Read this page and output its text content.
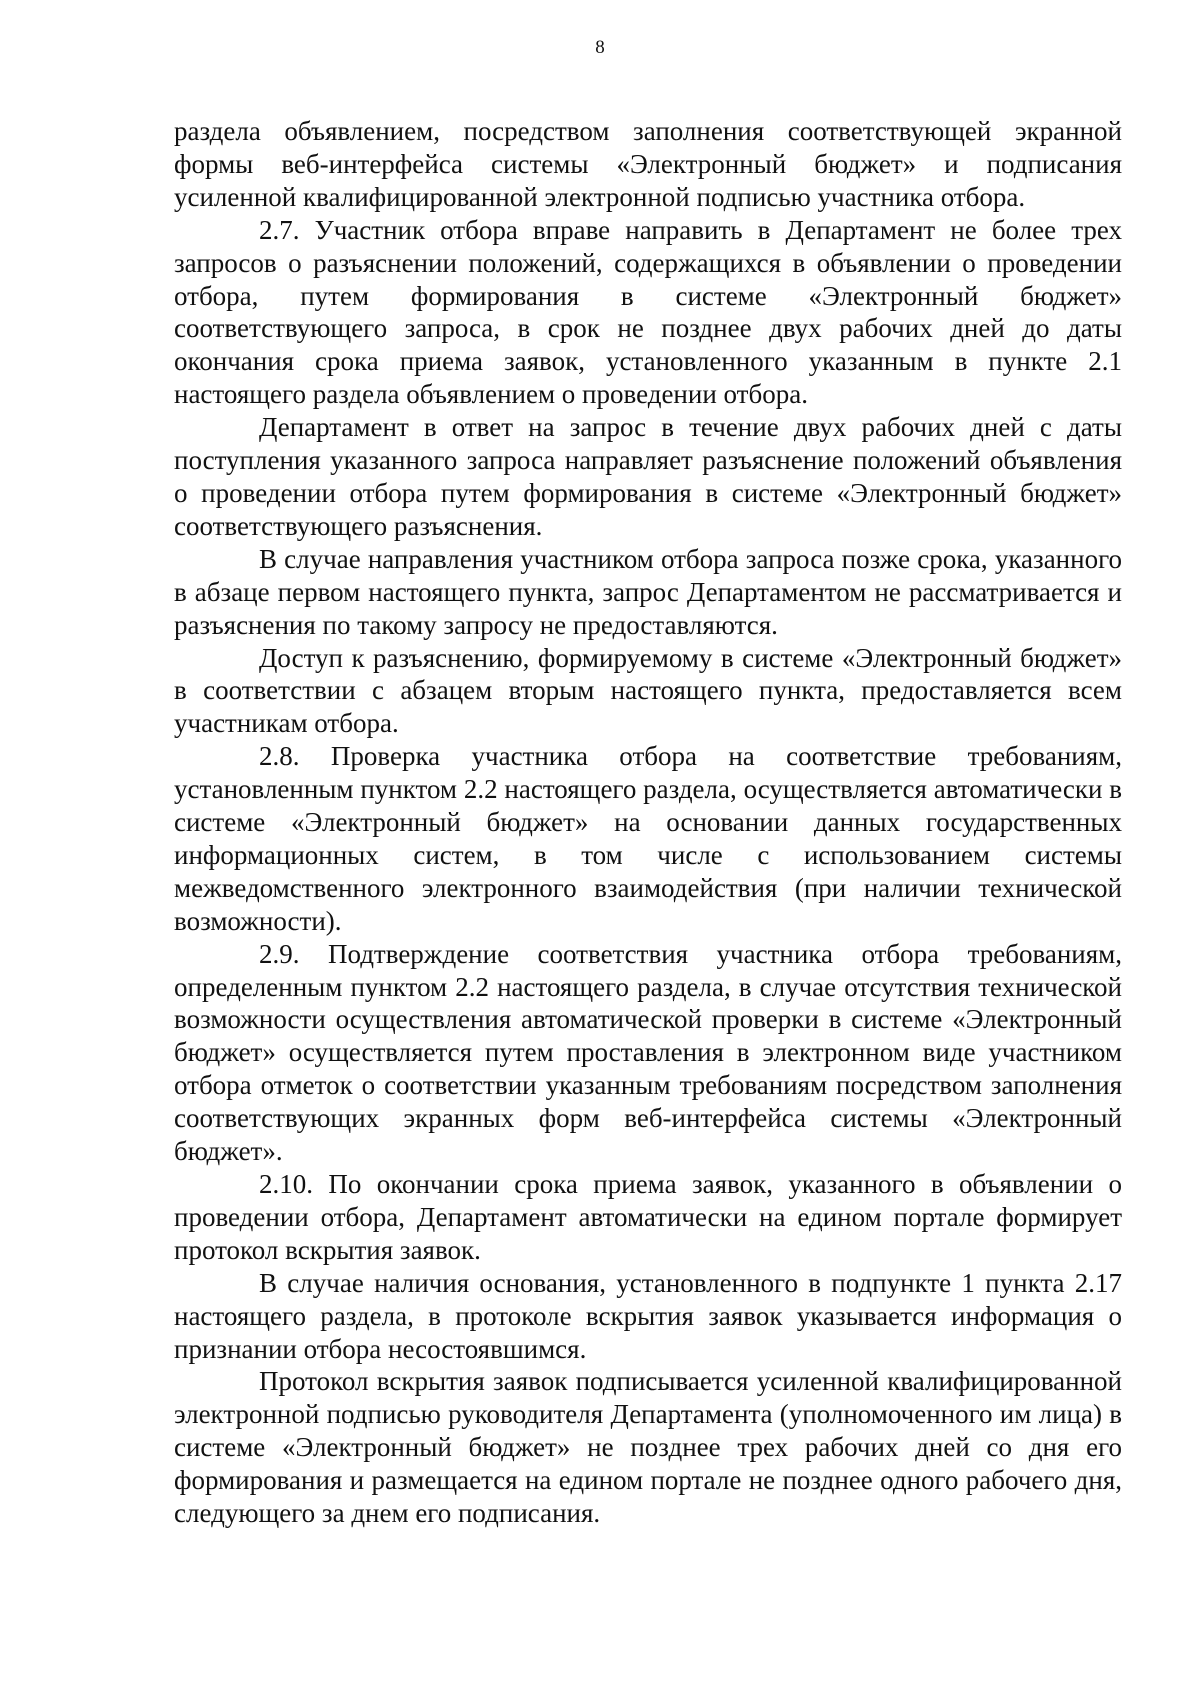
8

раздела объявлением, посредством заполнения соответствующей экранной формы веб-интерфейса системы «Электронный бюджет» и подписания усиленной квалифицированной электронной подписью участника отбора.

2.7. Участник отбора вправе направить в Департамент не более трех запросов о разъяснении положений, содержащихся в объявлении о проведении отбора, путем формирования в системе «Электронный бюджет» соответствующего запроса, в срок не позднее двух рабочих дней до даты окончания срока приема заявок, установленного указанным в пункте 2.1 настоящего раздела объявлением о проведении отбора.

Департамент в ответ на запрос в течение двух рабочих дней с даты поступления указанного запроса направляет разъяснение положений объявления о проведении отбора путем формирования в системе «Электронный бюджет» соответствующего разъяснения.

В случае направления участником отбора запроса позже срока, указанного в абзаце первом настоящего пункта, запрос Департаментом не рассматривается и разъяснения по такому запросу не предоставляются.

Доступ к разъяснению, формируемому в системе «Электронный бюджет» в соответствии с абзацем вторым настоящего пункта, предоставляется всем участникам отбора.

2.8. Проверка участника отбора на соответствие требованиям, установленным пунктом 2.2 настоящего раздела, осуществляется автоматически в системе «Электронный бюджет» на основании данных государственных информационных систем, в том числе с использованием системы межведомственного электронного взаимодействия (при наличии технической возможности).

2.9. Подтверждение соответствия участника отбора требованиям, определенным пунктом 2.2 настоящего раздела, в случае отсутствия технической возможности осуществления автоматической проверки в системе «Электронный бюджет» осуществляется путем проставления в электронном виде участником отбора отметок о соответствии указанным требованиям посредством заполнения соответствующих экранных форм веб-интерфейса системы «Электронный бюджет».

2.10. По окончании срока приема заявок, указанного в объявлении о проведении отбора, Департамент автоматически на едином портале формирует протокол вскрытия заявок.

В случае наличия основания, установленного в подпункте 1 пункта 2.17 настоящего раздела, в протоколе вскрытия заявок указывается информация о признании отбора несостоявшимся.

Протокол вскрытия заявок подписывается усиленной квалифицированной электронной подписью руководителя Департамента (уполномоченного им лица) в системе «Электронный бюджет» не позднее трех рабочих дней со дня его формирования и размещается на едином портале не позднее одного рабочего дня, следующего за днем его подписания.
